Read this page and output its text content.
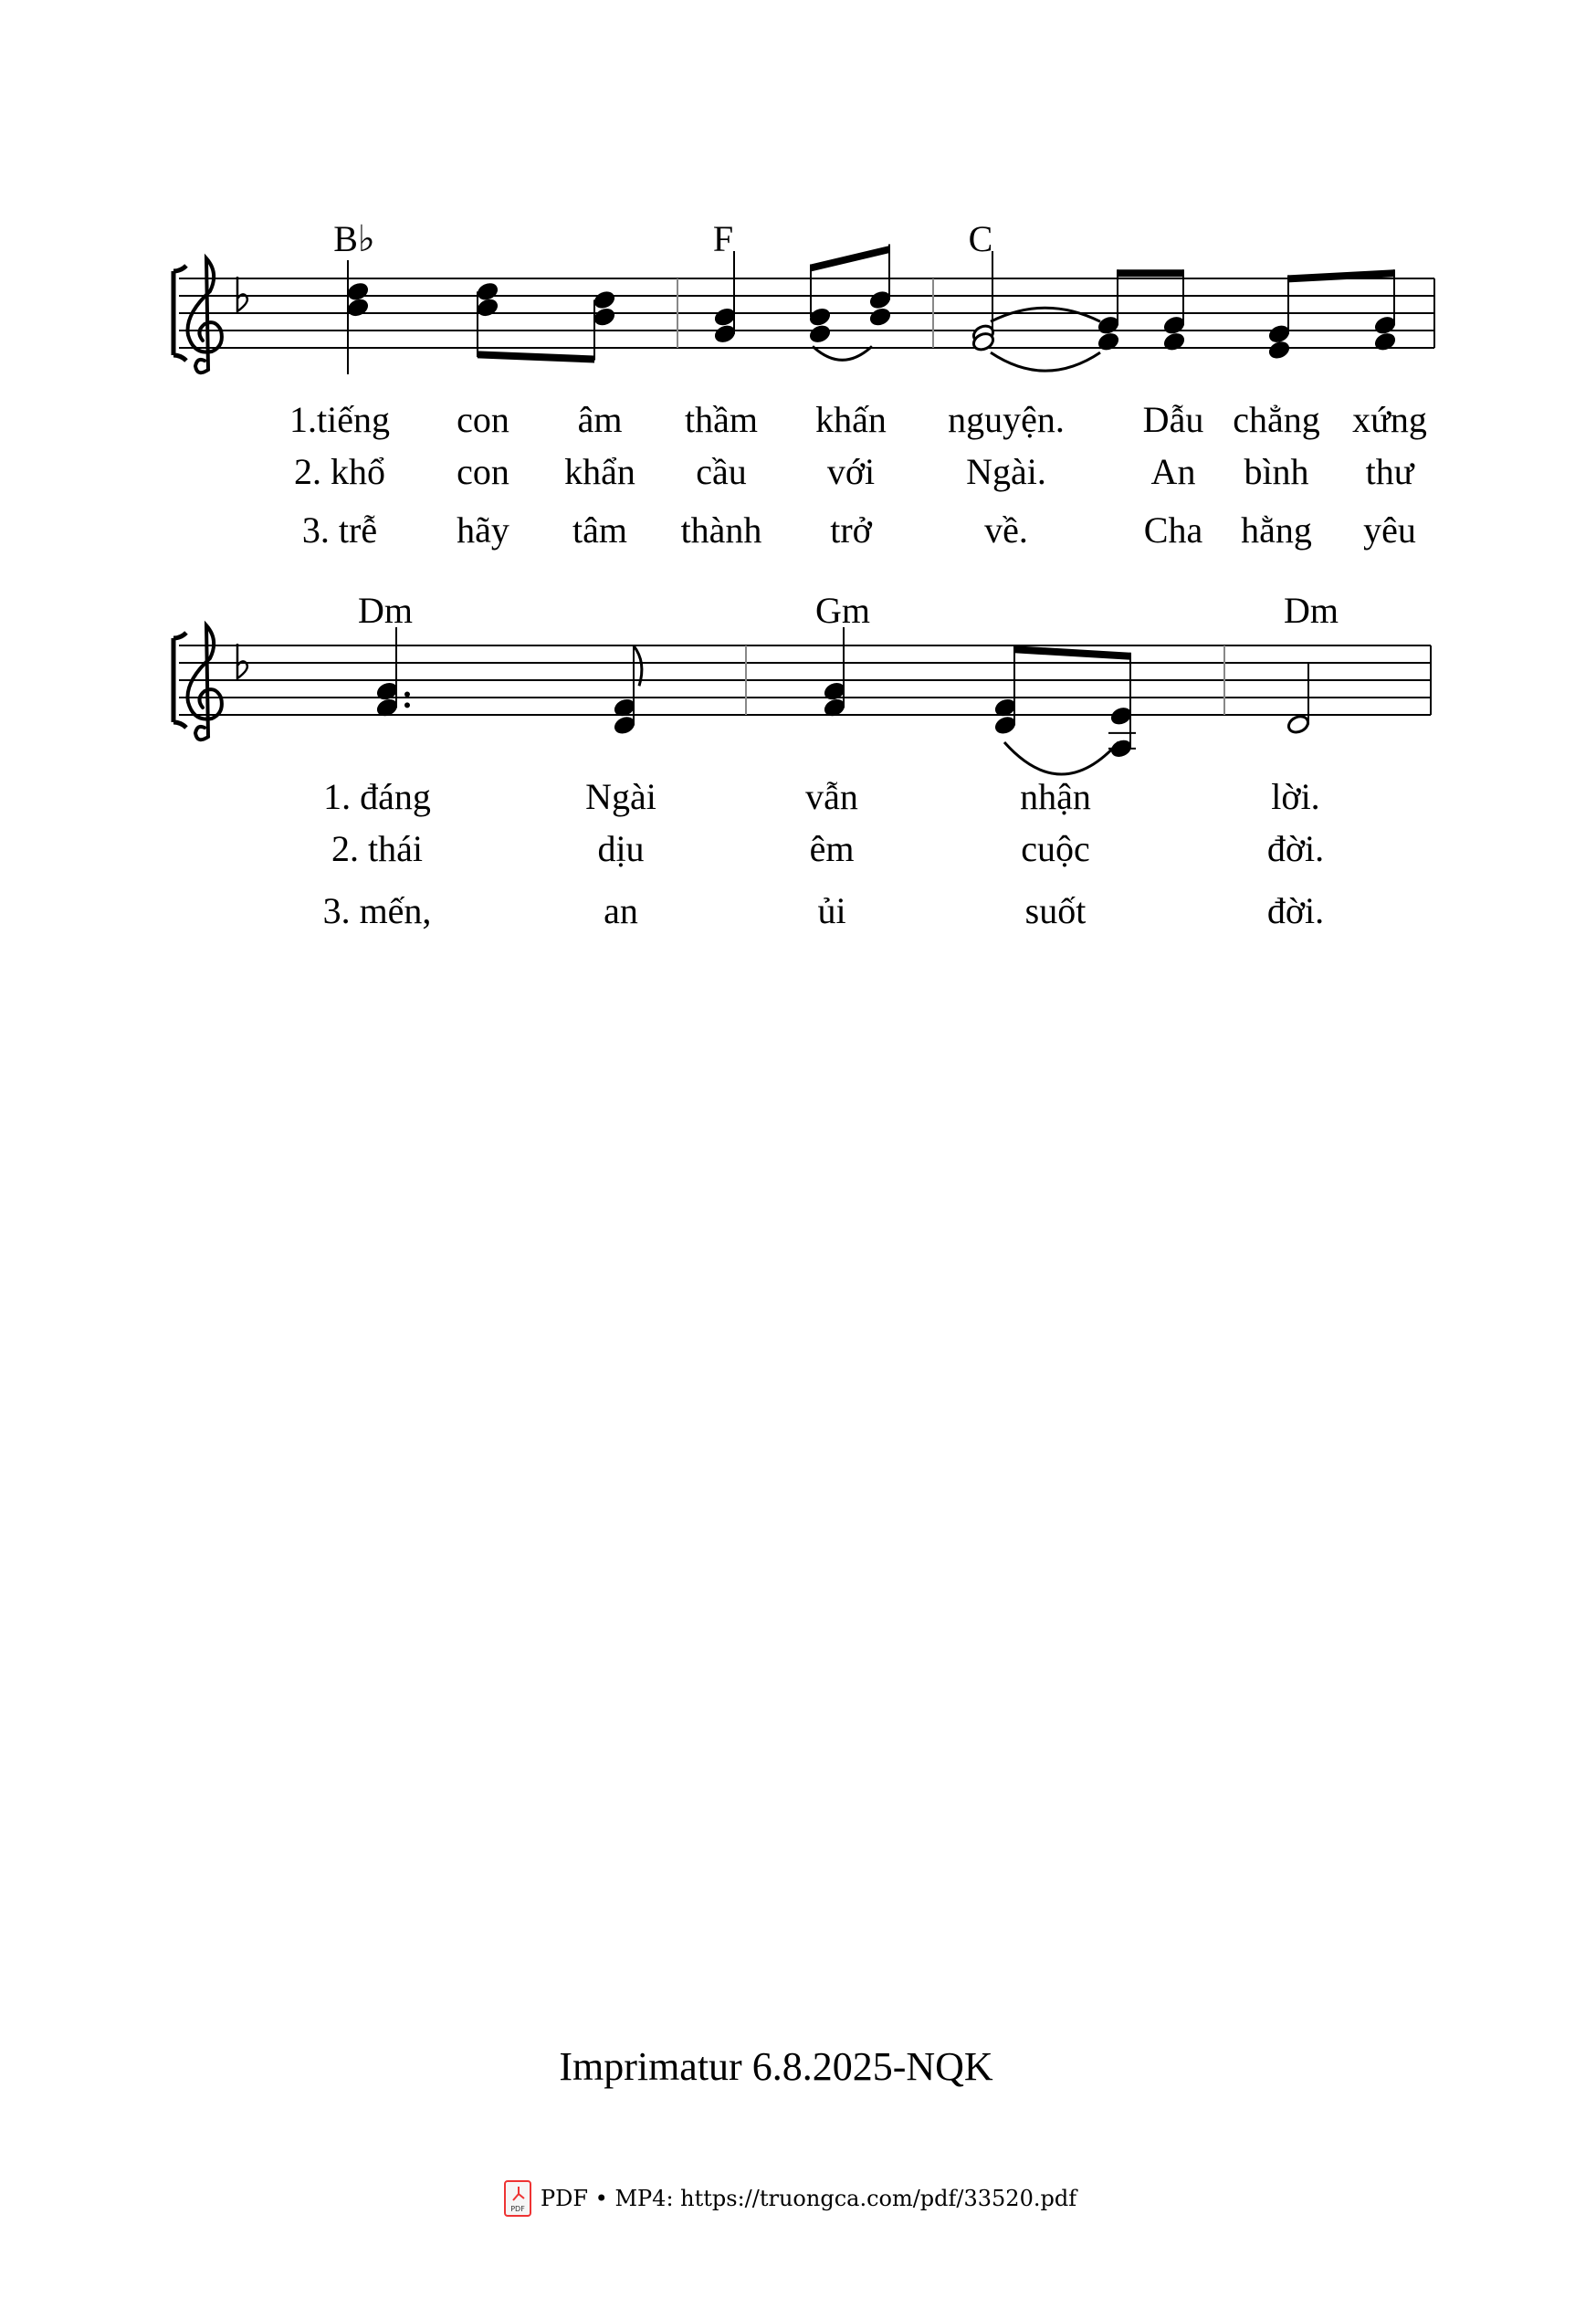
B♭	F	C
Dm	Gm	Dm
1.tiếng con âm thầm khấn nguyện. Dẫu chẳng xứng
2. khổ con khẩn cầu với Ngài.	An bình thư
3. trễ hãy tâm thành trở	về.	Cha hằng yêu
1. đáng	Ngài	vẫn	nhận	lời.
2. thái	dịu	êm	cuộc	đời.
3. mến,	an	ủi	suốt	đời.
Imprimatur 6.8.2025-NQK
PDF PDF • MP4: https://truongca.com/pdf/33520.pdf
